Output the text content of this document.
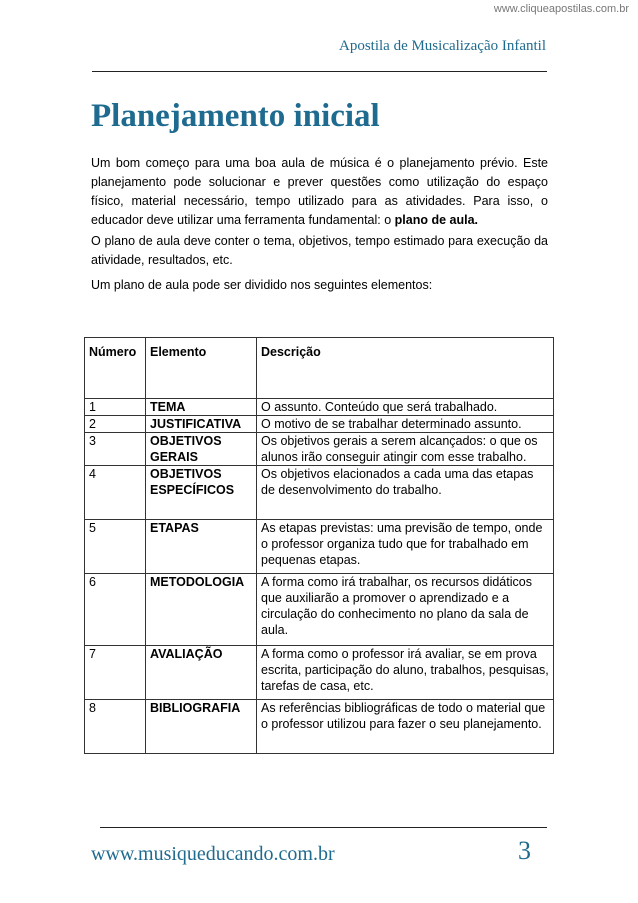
www.cliqueapostilas.com.br
Apostila de Musicalização Infantil
Planejamento inicial

Um bom começo para uma boa aula de música é o planejamento prévio. Este planejamento pode solucionar e prever questões como utilização do espaço físico, material necessário, tempo utilizado para as atividades. Para isso, o educador deve utilizar uma ferramenta fundamental: o plano de aula.

O plano de aula deve conter o tema, objetivos, tempo estimado para execução da atividade, resultados, etc.

Um plano de aula pode ser dividido nos seguintes elementos:

Número	Elemento	Descrição
1	TEMA	O assunto. Conteúdo que será trabalhado.
2	JUSTIFICATIVA	O motivo de se trabalhar determinado assunto.
3	OBJETIVOS GERAIS	Os objetivos gerais a serem alcançados: o que os alunos irão conseguir atingir com esse trabalho.
4	OBJETIVOS ESPECÍFICOS	Os objetivos elacionados a cada uma das etapas de desenvolvimento do trabalho.
5	ETAPAS	As etapas previstas: uma previsão de tempo, onde o professor organiza tudo que for trabalhado em pequenas etapas.
6	METODOLOGIA	A forma como irá trabalhar, os recursos didáticos que auxiliarão a promover o aprendizado e a circulação do conhecimento no plano da sala de aula.
7	AVALIAÇÃO	A forma como o professor irá avaliar, se em prova escrita, participação do aluno, trabalhos, pesquisas, tarefas de casa, etc.
8	BIBLIOGRAFIA	As referências bibliográficas de todo o material que o professor utilizou para fazer o seu planejamento.
www.musiqueducando.com.br	3
